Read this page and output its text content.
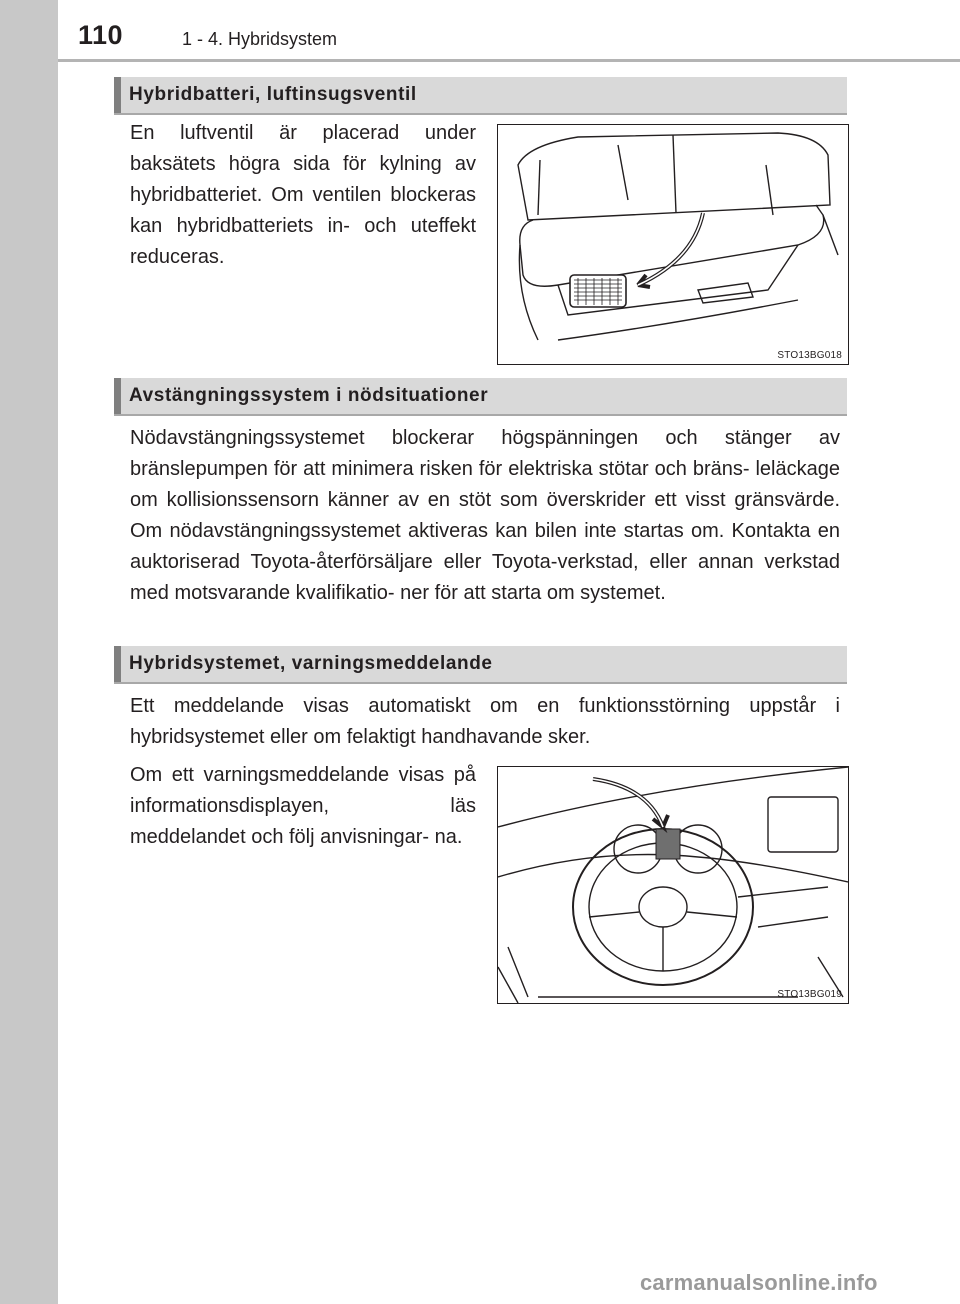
110	1 - 4. Hybridsystem
Hybridbatteri, luftinsugsventil

En luftventil är placerad under baksätets högra sida för kylning av hybridbatteriet. Om ventilen blockeras kan hybridbatteriets in- och uteffekt reduceras.

STO13BG018
Avstängningssystem i nödsituationer

Nödavstängningssystemet blockerar högspänningen och stänger av bränslepumpen för att minimera risken för elektriska stötar och bräns- leläckage om kollisionssensorn känner av en stöt som överskrider ett visst gränsvärde. Om nödavstängningssystemet aktiveras kan bilen inte startas om. Kontakta en auktoriserad Toyota-återförsäljare eller Toyota-verkstad, eller annan verkstad med motsvarande kvalifikatio- ner för att starta om systemet.

Hybridsystemet, varningsmeddelande

Ett meddelande visas automatiskt om en funktionsstörning uppstår i hybridsystemet eller om felaktigt handhavande sker.

Om ett varningsmeddelande visas på informationsdisplayen, läs meddelandet och följ anvisningar- na.

STO13BG019
carmanualsonline.info
